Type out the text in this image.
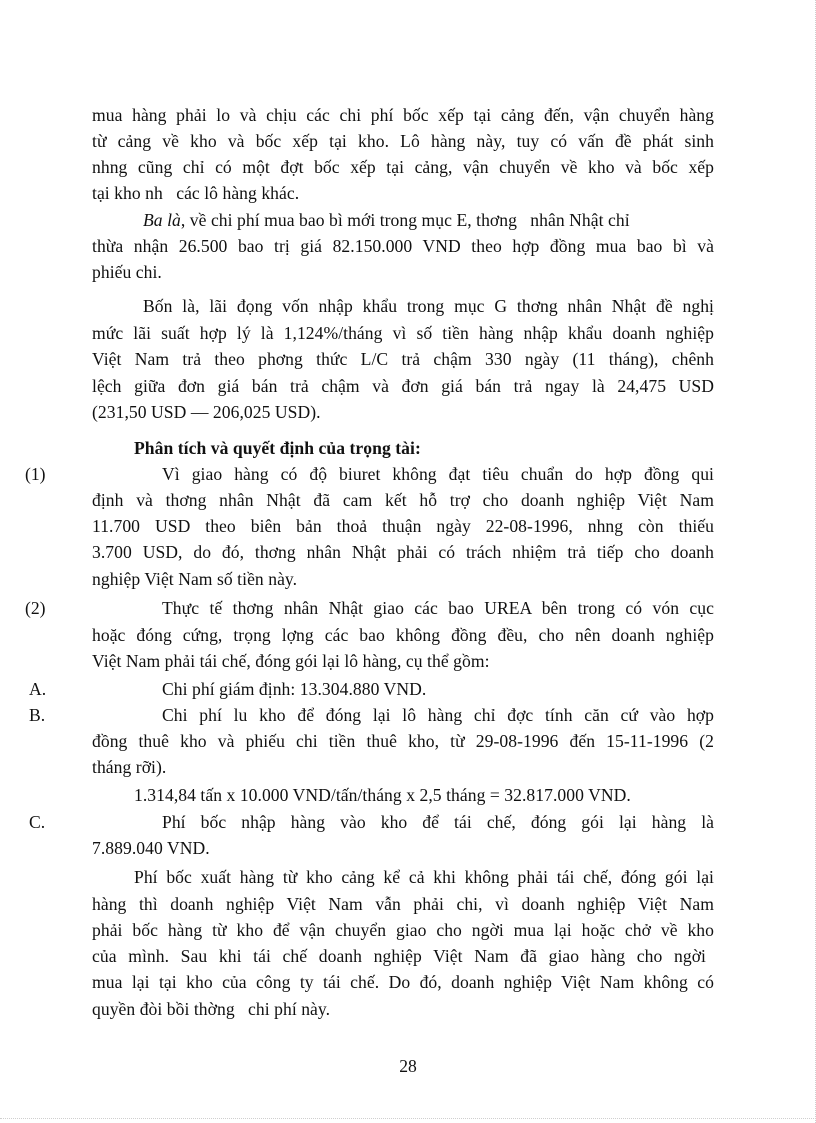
mua hàng phải lo và chịu các chi phí bốc xếp tại cảng đến, vận chuyển hàng
từ cảng về kho và bốc xếp tại kho. Lô hàng này, tuy có vấn đề phát sinh
nhng cũng chỉ có một đợt bốc xếp tại cảng, vận chuyển về kho và bốc xếp
tại kho nh   các lô hàng khác.
Ba là, về chi phí mua bao bì mới trong mục E, thơng   nhân Nhật chỉ
thừa nhận 26.500 bao trị giá 82.150.000 VND theo hợp đồng mua bao bì và
phiếu chi.
Bốn là, lãi đọng vốn nhập khẩu trong mục G thơng nhân Nhật đề nghị
mức lãi suất hợp lý là 1,124%/tháng vì số tiền hàng nhập khẩu doanh nghiệp
Việt Nam trả theo phơng thức L/C trả chậm 330 ngày (11 tháng), chênh
lệch giữa đơn giá bán trả chậm và đơn giá bán trả ngay là 24,475 USD
(231,50 USD — 206,025 USD).
Phân tích và quyết định của trọng tài:
(1)	Vì giao hàng có độ biuret không đạt tiêu chuẩn do hợp đồng qui
định và thơng nhân Nhật đã cam kết hỗ trợ cho doanh nghiệp Việt Nam
11.700 USD theo biên bản thoả thuận ngày 22-08-1996, nhng còn thiếu
3.700 USD, do đó, thơng nhân Nhật phải có trách nhiệm trả tiếp cho doanh
nghiệp Việt Nam số tiền này.
(2)	Thực tế thơng nhân Nhật giao các bao UREA bên trong có vón cục
hoặc đóng cứng, trọng lợng các bao không đồng đều, cho nên doanh nghiệp
Việt Nam phải tái chế, đóng gói lại lô hàng, cụ thể gồm:
A.	Chi phí giám định: 13.304.880 VND.
B.	Chi phí lu kho để đóng lại lô hàng chỉ đợc tính căn cứ vào hợp
đồng thuê kho và phiếu chi tiền thuê kho, từ 29-08-1996 đến 15-11-1996 (2
tháng rỡi).
1.314,84 tấn x 10.000 VND/tấn/tháng x 2,5 tháng = 32.817.000 VND.
C.	Phí bốc nhập hàng vào kho để tái chế, đóng gói lại hàng là
7.889.040 VND.
Phí bốc xuất hàng từ kho cảng kể cả khi không phải tái chế, đóng gói lại
hàng thì doanh nghiệp Việt Nam vẫn phải chi, vì doanh nghiệp Việt Nam
phải bốc hàng từ kho để vận chuyển giao cho ngời mua lại hoặc chở về kho
của mình. Sau khi tái chế doanh nghiệp Việt Nam đã giao hàng cho ngời
mua lại tại kho của công ty tái chế. Do đó, doanh nghiệp Việt Nam không có
quyền đòi bồi thờng   chi phí này.
28
